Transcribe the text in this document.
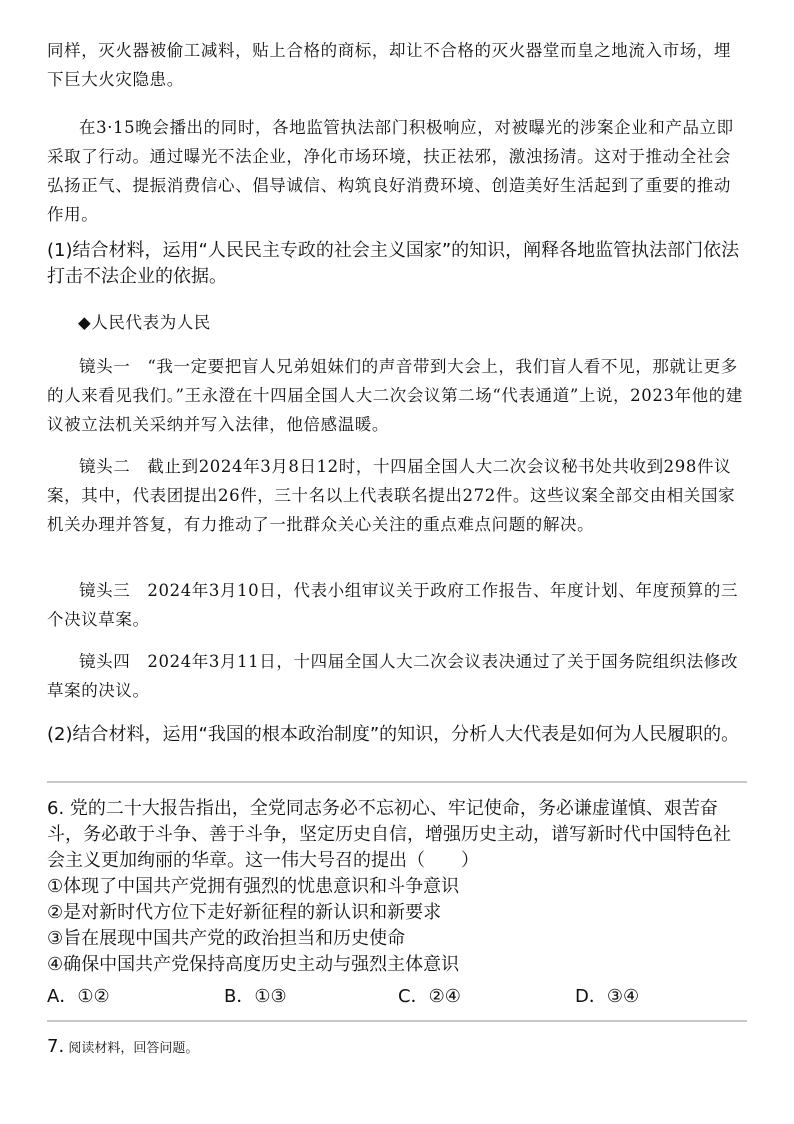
同样，灭火器被偷工减料，贴上合格的商标，却让不合格的灭火器堂而皇之地流入市场，埋下巨大火灾隐患。

在3·15晚会播出的同时，各地监管执法部门积极响应，对被曝光的涉案企业和产品立即采取了行动。通过曝光不法企业，净化市场环境，扶正祛邪，激浊扬清。这对于推动全社会弘扬正气、提振消费信心、倡导诚信、构筑良好消费环境、创造美好生活起到了重要的推动作用。

(1)结合材料，运用“人民民主专政的社会主义国家”的知识，阐释各地监管执法部门依法打击不法企业的依据。

◆人民代表为人民

镜头一　“我一定要把盲人兄弟姐妹们的声音带到大会上，我们盲人看不见，那就让更多的人来看见我们。”王永澄在十四届全国人大二次会议第二场“代表通道”上说，2023年他的建议被立法机关采纳并写入法律，他倍感温暖。

镜头二　截止到2024年3月8日12时，十四届全国人大二次会议秘书处共收到298件议案，其中，代表团提出26件，三十名以上代表联名提出272件。这些议案全部交由相关国家机关办理并答复，有力推动了一批群众关心关注的重点难点问题的解决。

镜头三　2024年3月10日，代表小组审议关于政府工作报告、年度计划、年度预算的三个决议草案。

镜头四　2024年3月11日，十四届全国人大二次会议表决通过了关于国务院组织法修改草案的决议。

(2)结合材料，运用“我国的根本政治制度”的知识，分析人大代表是如何为人民履职的。

6. 党的二十大报告指出，全党同志务必不忘初心、牢记使命，务必谦虚谨慎、艰苦奋斗，务必敢于斗争、善于斗争，坚定历史自信，增强历史主动，谱写新时代中国特色社会主义更加绚丽的华章。这一伟大号召的提出（　　）

①体现了中国共产党拥有强烈的忧患意识和斗争意识

②是对新时代方位下走好新征程的新认识和新要求

③旨在展现中国共产党的政治担当和历史使命

④确保中国共产党保持高度历史主动与强烈主体意识

A．①②	B．①③	C．②④	D．③④

7. 阅读材料，回答问题。
